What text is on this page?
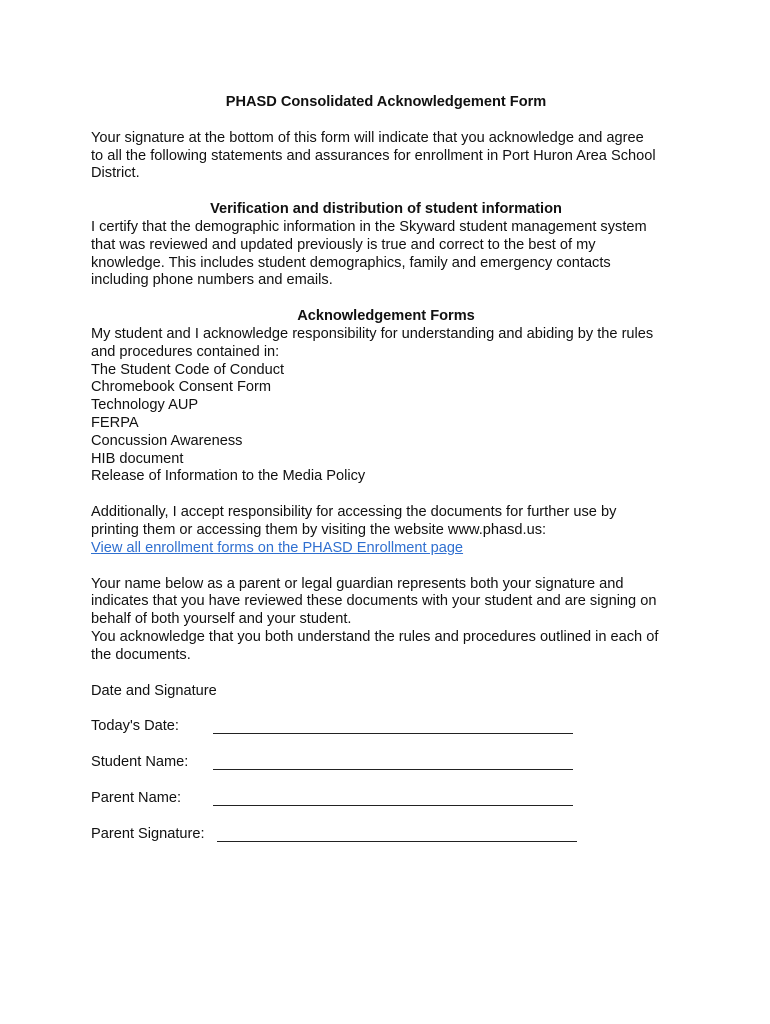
PHASD Consolidated Acknowledgement Form
Your signature at the bottom of this form will indicate that you acknowledge and agree
to all the following statements and assurances for enrollment in Port Huron Area School
District.
Verification and distribution of student information
I certify that the demographic information in the Skyward student management system
that was reviewed and updated previously is true and correct to the best of my
knowledge. This includes student demographics, family and emergency contacts
including phone numbers and emails.
Acknowledgement Forms
My student and I acknowledge responsibility for understanding and abiding by the rules
and procedures contained in:
The Student Code of Conduct
Chromebook Consent Form
Technology AUP
FERPA
Concussion Awareness
HIB document
Release of Information to the Media Policy
Additionally, I accept responsibility for accessing the documents for further use by
printing them or accessing them by visiting the website www.phasd.us:
View all enrollment forms on the PHASD Enrollment page
Your name below as a parent or legal guardian represents both your signature and
indicates that you have reviewed these documents with your student and are signing on
behalf of both yourself and your student.
You acknowledge that you both understand the rules and procedures outlined in each of
the documents.
Date and Signature
Today's Date:
Student Name:
Parent Name:
Parent Signature:
